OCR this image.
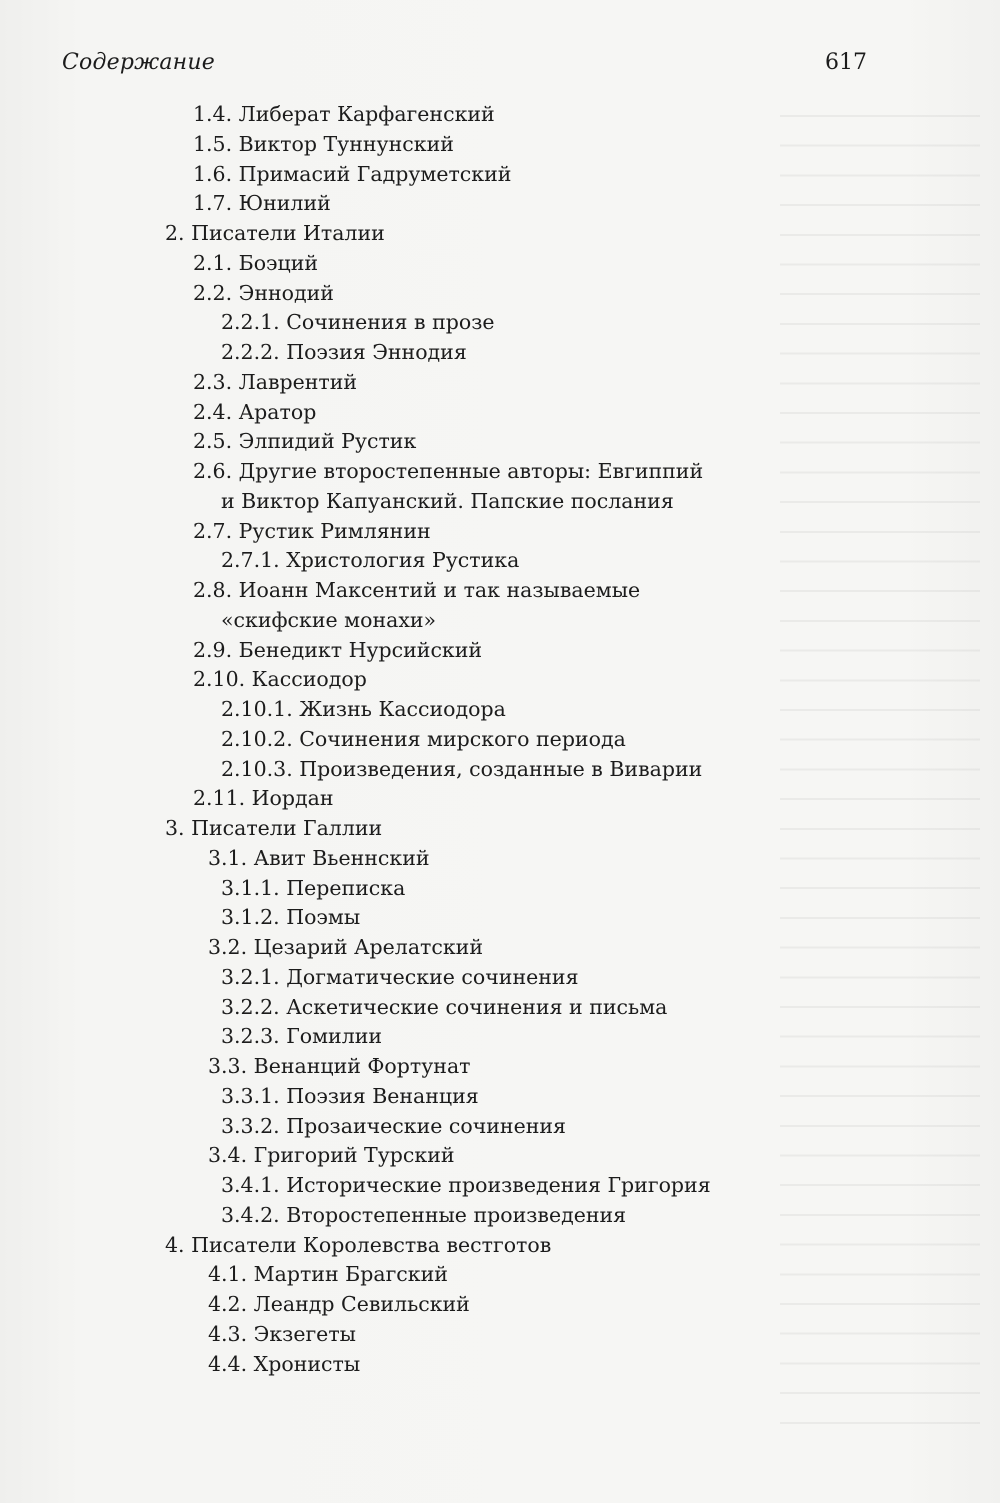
Содержание	617
1.4. Либерат Карфагенский
1.5. Виктор Туннунский
1.6. Примасий Гадруметский
1.7. Юнилий
2. Писатели Италии
2.1. Боэций
2.2. Эннодий
2.2.1. Сочинения в прозе
2.2.2. Поэзия Эннодия
2.3. Лаврентий
2.4. Аратор
2.5. Элпидий Рустик
2.6. Другие второстепенные авторы: Евгиппий
и Виктор Капуанский. Папские послания
2.7. Рустик Римлянин
2.7.1. Христология Рустика
2.8. Иоанн Максентий и так называемые
«скифские монахи»
2.9. Бенедикт Нурсийский
2.10. Кассиодор
2.10.1. Жизнь Кассиодора
2.10.2. Сочинения мирского периода
2.10.3. Произведения, созданные в Виварии
2.11. Иордан
3. Писатели Галлии
3.1. Авит Вьеннский
3.1.1. Переписка
3.1.2. Поэмы
3.2. Цезарий Арелатский
3.2.1. Догматические сочинения
3.2.2. Аскетические сочинения и письма
3.2.3. Гомилии
3.3. Венанций Фортунат
3.3.1. Поэзия Венанция
3.3.2. Прозаические сочинения
3.4. Григорий Турский
3.4.1. Исторические произведения Григория
3.4.2. Второстепенные произведения
4. Писатели Королевства вестготов
4.1. Мартин Брагский
4.2. Леандр Севильский
4.3. Экзегеты
4.4. Хронисты
